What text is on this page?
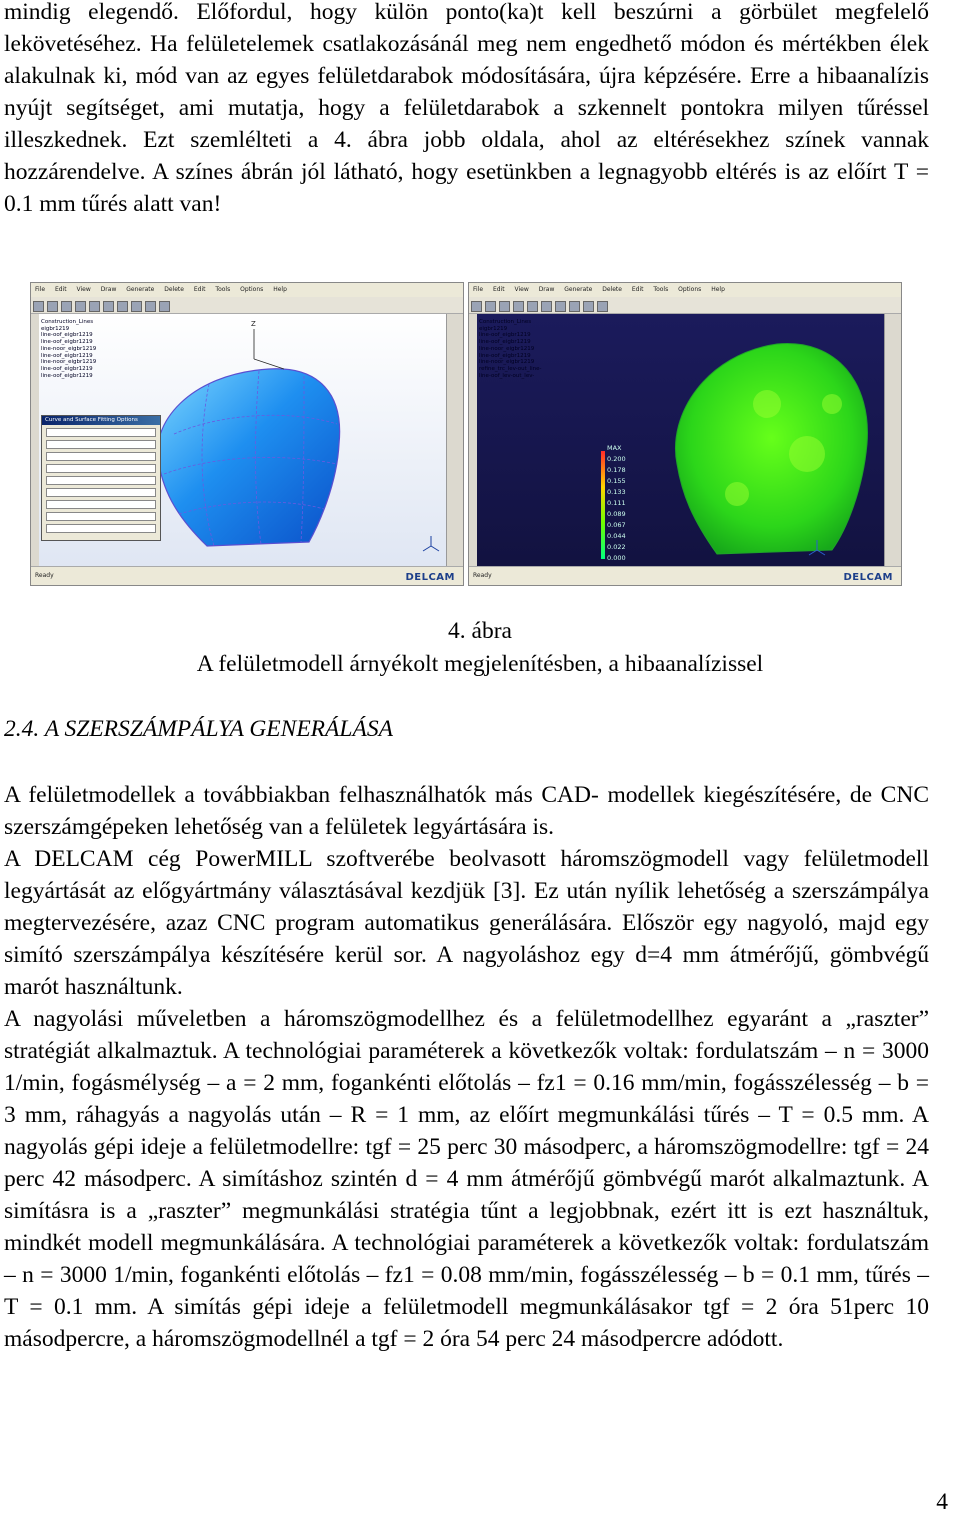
mindig elegendő. Előfordul, hogy külön ponto(ka)t kell beszúrni a görbület megfelelő lekövetéséhez. Ha felületelemek csatlakozásánál meg nem engedhető módon és mértékben élek alakulnak ki, mód van az egyes felületdarabok módosítására, újra képzésére. Erre a hibaanalízis nyújt segítséget, ami mutatja, hogy a felületdarabok a szkennelt pontokra milyen tűréssel illeszkednek. Ezt szemlélteti a 4. ábra jobb oldala, ahol az eltérésekhez színek vannak hozzárendelve. A színes ábrán jól látható, hogy esetünkben a legnagyobb eltérés is az előírt T = 0.1 mm tűrés alatt van!

File Edit View Draw Generate Delete Edit Tools Options Help
Z
Construction_Lines
eigbr1219
line-oof_eigbr1219
line-oof_eigbr1219
line-noor_eigbr1219
line-oof_eigbr1219
line-noor_eigbr1219
line-oof_eigbr1219
line-oof_eigbr1219
Curve and Surface Fitting Options
Ready	DELCAM
File Edit View Draw Generate Delete Edit Tools Options Help
Construction_Lines
eigbr1219
line-oof_eigbr1219
line-oof_eigbr1219
line-noor_eigbr1219
line-oof_eigbr1219
line-noor_eigbr1219
refine_trc_lev-out_line-
line-oof_lev-out_lev-
MAX
0.200
0.178
0.155
0.133
0.111
0.089
0.067
0.044
0.022
0.000
Ready	DELCAM
4. ábra
A felületmodell árnyékolt megjelenítésben, a hibaanalízissel
2.4. A SZERSZÁMPÁLYA GENERÁLÁSA

A felületmodellek a továbbiakban felhasználhatók más CAD- modellek kiegészítésére, de CNC szerszámgépeken lehetőség van a felületek legyártására is.

A DELCAM cég PowerMILL szoftverébe beolvasott háromszögmodell vagy felületmodell legyártását az előgyártmány választásával kezdjük [3]. Ez után nyílik lehetőség a szerszámpálya megtervezésére, azaz CNC program automatikus generálására. Először egy nagyoló, majd egy simító szerszámpálya készítésére kerül sor. A nagyoláshoz egy d=4 mm átmérőjű, gömbvégű marót használtunk.

A nagyolási műveletben a háromszögmodellhez és a felületmodellhez egyaránt a „raszter” stratégiát alkalmaztuk. A technológiai paraméterek a következők voltak: fordulatszám – n = 3000 1/min, fogásmélység – a = 2 mm, fogankénti előtolás – fz1 = 0.16 mm/min, fogásszélesség – b = 3 mm, ráhagyás a nagyolás után – R = 1 mm, az előírt megmunkálási tűrés – T = 0.5 mm. A nagyolás gépi ideje a felületmodellre: tgf = 25 perc 30 másodperc, a háromszögmodellre: tgf = 24 perc 42 másodperc. A simításhoz szintén d = 4 mm átmérőjű gömbvégű marót alkalmaztunk. A simításra is a „raszter” megmunkálási stratégia tűnt a legjobbnak, ezért itt is ezt használtuk, mindkét modell megmunkálására. A technológiai paraméterek a következők voltak: fordulatszám – n = 3000 1/min, fogankénti előtolás – fz1 = 0.08 mm/min, fogásszélesség – b = 0.1 mm, tűrés – T = 0.1 mm. A simítás gépi ideje a felületmodell megmunkálásakor tgf = 2 óra 51perc 10 másodpercre, a háromszögmodellnél a tgf = 2 óra 54 perc 24 másodpercre adódott.

4
